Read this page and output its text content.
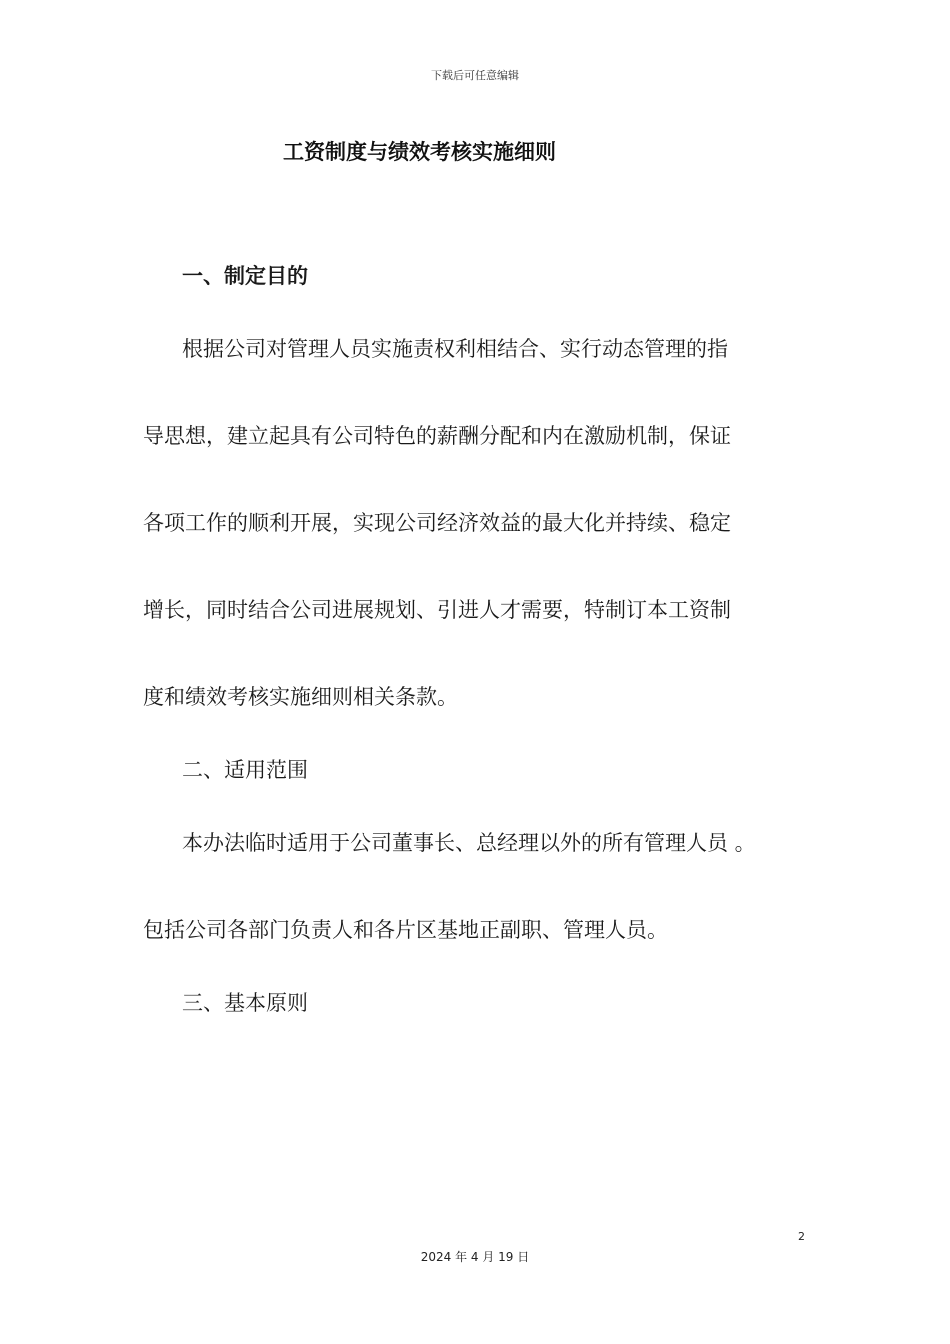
下载后可任意编辑
工资制度与绩效考核实施细则
一、制定目的
根据公司对管理人员实施责权利相结合、实行动态管理的指
导思想，建立起具有公司特色的薪酬分配和内在激励机制，保证
各项工作的顺利开展，实现公司经济效益的最大化并持续、稳定
增长，同时结合公司进展规划、引进人才需要，特制订本工资制
度和绩效考核实施细则相关条款。
二、适用范围
本办法临时适用于公司董事长、总经理以外的所有管理人员 。
包括公司各部门负责人和各片区基地正副职、管理人员。
三、基本原则
2
2024 年 4 月 19 日
